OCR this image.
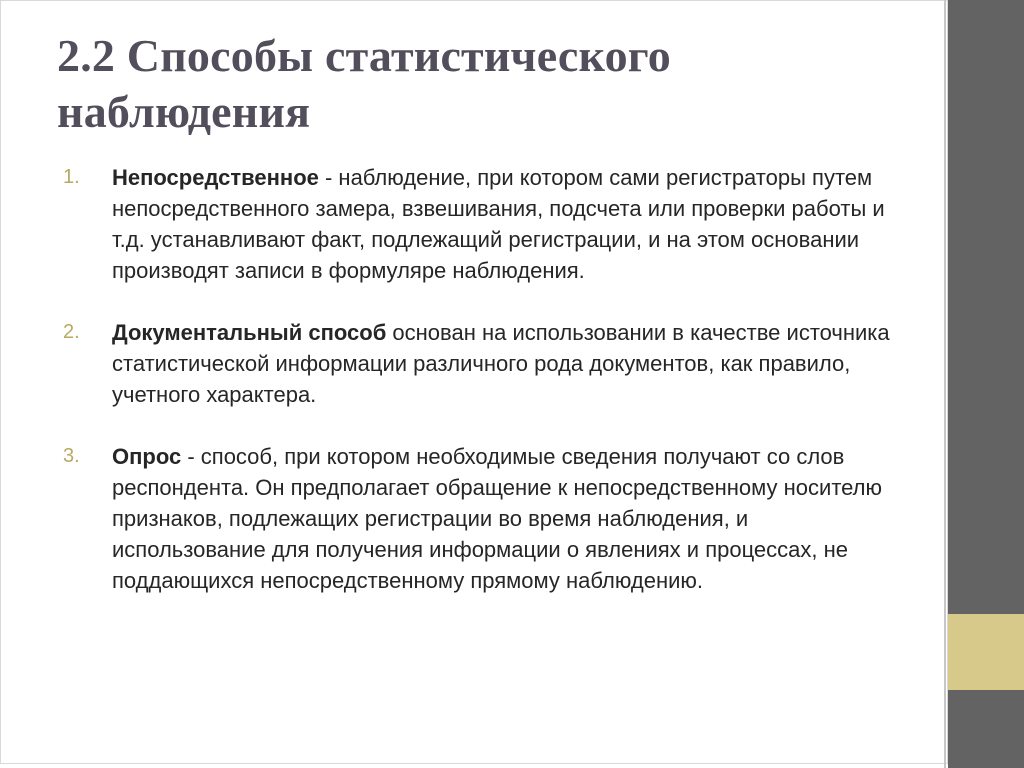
2.2 Способы статистического
наблюдения
1. Непосредственное - наблюдение, при котором сами регистраторы путем непосредственного замера, взвешивания, подсчета или проверки работы и т.д. устанавливают факт, подлежащий регистрации, и на этом основании производят записи в формуляре наблюдения.
2. Документальный способ основан на использовании в качестве источника статистической информации различного рода документов, как правило, учетного характера.
3. Опрос - способ, при котором необходимые сведения получают со слов респондента. Он предполагает обращение к непосредственному носителю признаков, подлежащих регистрации во время наблюдения, и использование для получения информации о явлениях и процессах, не поддающихся непосредственному прямому наблюдению.
